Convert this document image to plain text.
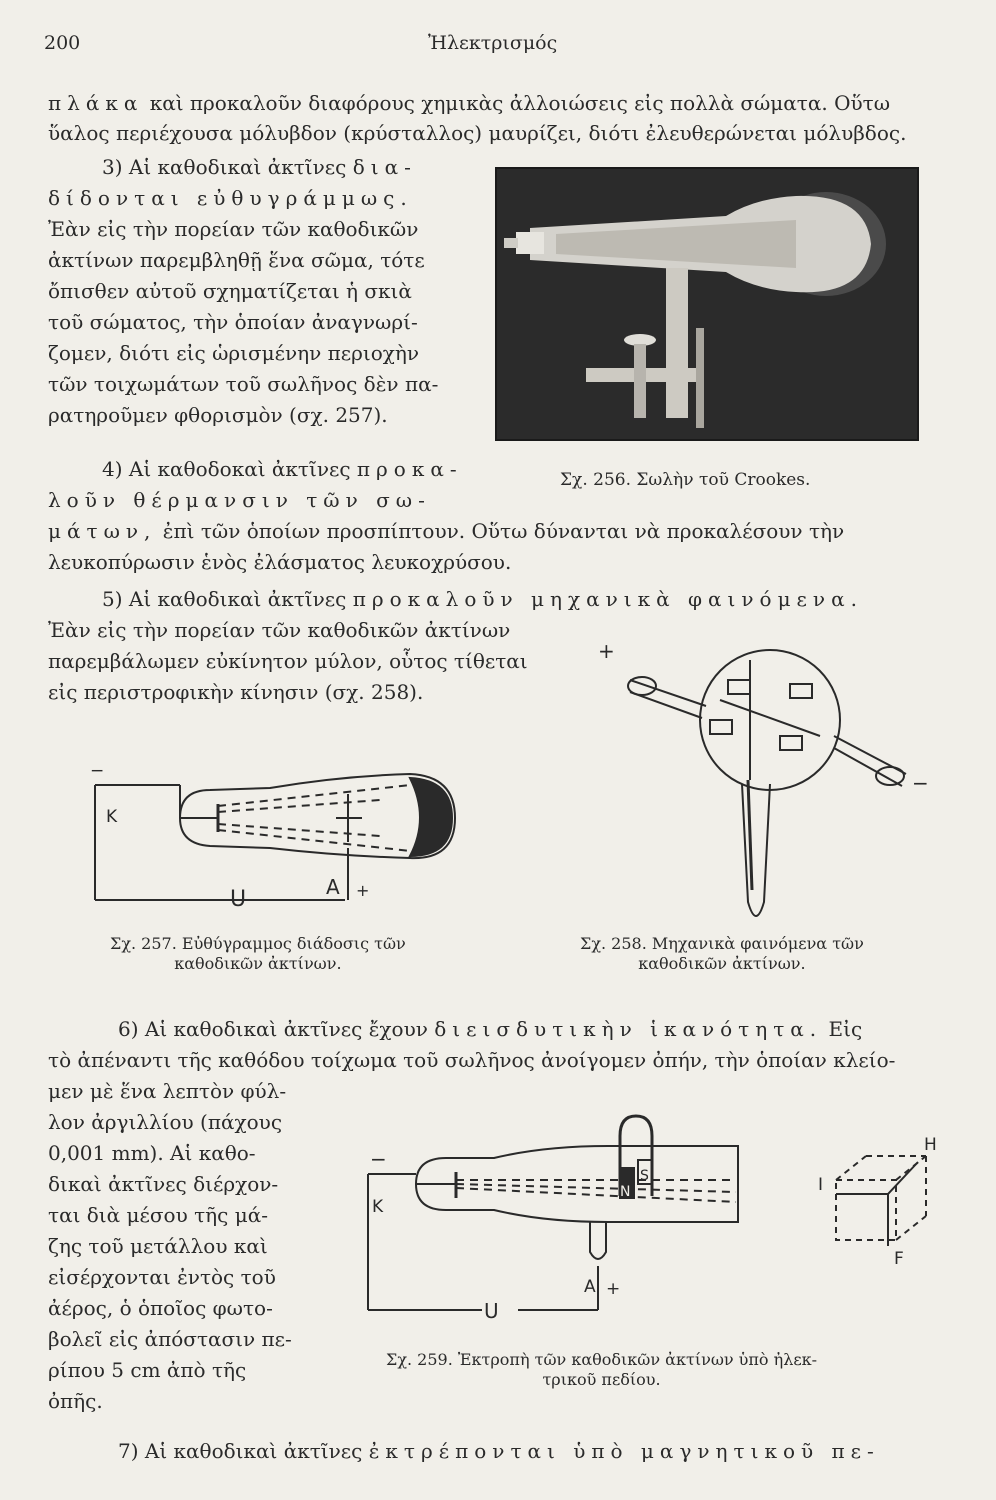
200	Ἠλεκτρισμός
πλάκα καὶ προκαλοῦν διαφόρους χημικὰς ἀλλοιώσεις εἰς πολλὰ σώματα. Οὕτω
ὕαλος περιέχουσα μόλυβδον (κρύσταλλος) μαυρίζει, διότι ἐλευθερώνεται μόλυβδος.
3) Αἱ καθοδικαὶ ἀκτῖνες δια-
δίδονται εὐθυγράμμως.
Ἐὰν εἰς τὴν πορείαν τῶν καθοδικῶν
ἀκτίνων παρεμβληθῇ ἕνα σῶμα, τότε
ὄπισθεν αὐτοῦ σχηματίζεται ἡ σκιὰ
τοῦ σώματος, τὴν ὁποίαν ἀναγνωρί-
ζομεν, διότι εἰς ὡρισμένην περιοχὴν
τῶν τοιχωμάτων τοῦ σωλῆνος δὲν πα-
ρατηροῦμεν φθορισμὸν (σχ. 257).
Σχ. 256. Σωλὴν τοῦ Crookes.
4) Αἱ καθοδοκαὶ ἀκτῖνες προκα-
λοῦν θέρμανσιν τῶν σω-
μάτων, ἐπὶ τῶν ὁποίων προσπίπτουν. Οὕτω δύνανται νὰ προκαλέσουν τὴν
λευκοπύρωσιν ἑνὸς ἐλάσματος λευκοχρύσου.
5) Αἱ καθοδικαὶ ἀκτῖνες προκαλοῦν μηχανικὰ φαινόμενα.
Ἐὰν εἰς τὴν πορείαν τῶν καθοδικῶν ἀκτίνων
παρεμβάλωμεν εὐκίνητον μύλον, οὗτος τίθεται
εἰς περιστροφικὴν κίνησιν (σχ. 258).
−
K
U	A +
Σχ. 257. Εὐθύγραμμος διάδοσις τῶν
καθοδικῶν ἀκτίνων.
+
−
Σχ. 258. Μηχανικὰ φαινόμενα τῶν
καθοδικῶν ἀκτίνων.
6) Αἱ καθοδικαὶ ἀκτῖνες ἔχουν διεισδυτικὴν ἱκανότητα. Εἰς
τὸ ἀπέναντι τῆς καθόδου τοίχωμα τοῦ σωλῆνος ἀνοίγομεν ὀπήν, τὴν ὁποίαν κλείο-
μεν μὲ ἕνα λεπτὸν φύλ-
λον ἀργιλλίου (πάχους
0,001 mm). Αἱ καθο-
δικαὶ ἀκτῖνες διέρχον-
ται διὰ μέσου τῆς μά-
ζης τοῦ μετάλλου καὶ
εἰσέρχονται ἐντὸς τοῦ
ἀέρος, ὁ ὁποῖος φωτο-
βολεῖ εἰς ἀπόστασιν πε-
ρίπου 5 cm ἀπὸ τῆς
ὀπῆς.
−
K
N
S
A +
U
H
I
F
Σχ. 259. Ἐκτροπὴ τῶν καθοδικῶν ἀκτίνων ὑπὸ ἠλεκ-
τρικοῦ πεδίου.
7) Αἱ καθοδικαὶ ἀκτῖνες ἐκτρέπονται ὑπὸ μαγνητικοῦ πε-
